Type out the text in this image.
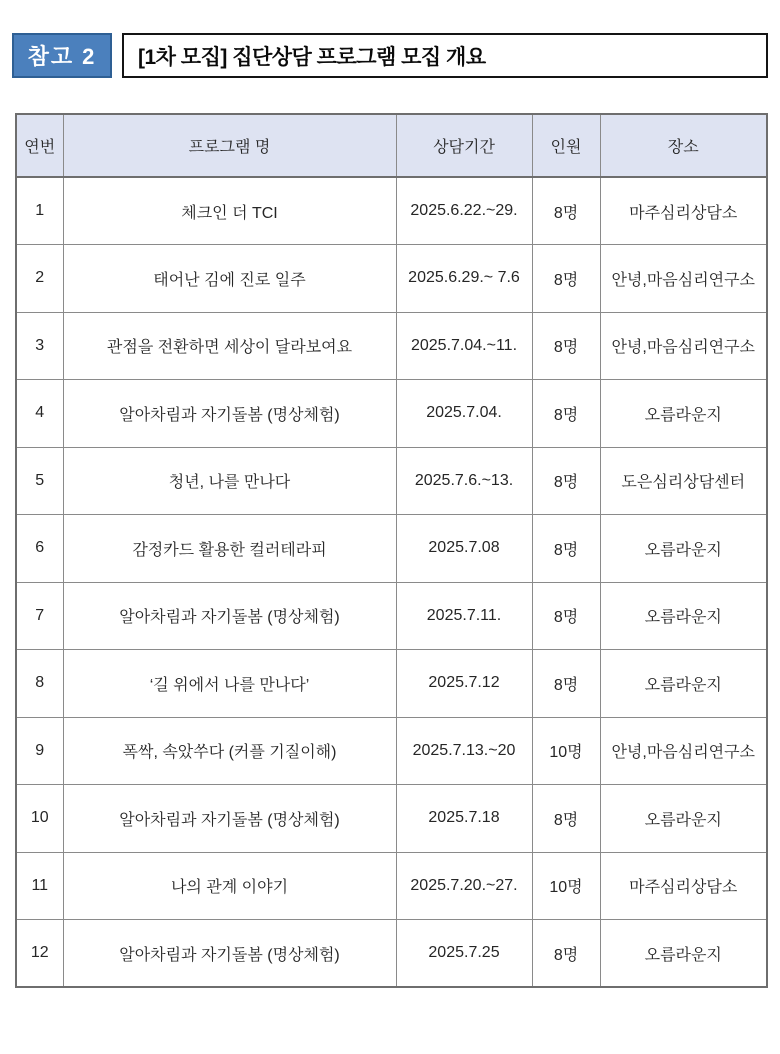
참고 2	[1차 모집] 집단상담 프로그램 모집 개요
연번	프로그램 명	상담기간	인원	장소
1	체크인 더 TCI	2025.6.22.~29.	8명	마주심리상담소
2	태어난 김에 진로 일주	2025.6.29.~ 7.6	8명	안녕,마음심리연구소
3	관점을 전환하면 세상이 달라보여요	2025.7.04.~11.	8명	안녕,마음심리연구소
4	알아차림과 자기돌봄 (명상체험)	2025.7.04.	8명	오름라운지
5	청년, 나를 만나다	2025.7.6.~13.	8명	도은심리상담센터
6	감정카드 활용한 컬러테라피	2025.7.08	8명	오름라운지
7	알아차림과 자기돌봄 (명상체험)	2025.7.11.	8명	오름라운지
8	‘길 위에서 나를 만나다’	2025.7.12	8명	오름라운지
9	폭싹, 속았쑤다 (커플 기질이해)	2025.7.13.~20	10명	안녕,마음심리연구소
10	알아차림과 자기돌봄 (명상체험)	2025.7.18	8명	오름라운지
11	나의 관계 이야기	2025.7.20.~27.	10명	마주심리상담소
12	알아차림과 자기돌봄 (명상체험)	2025.7.25	8명	오름라운지
